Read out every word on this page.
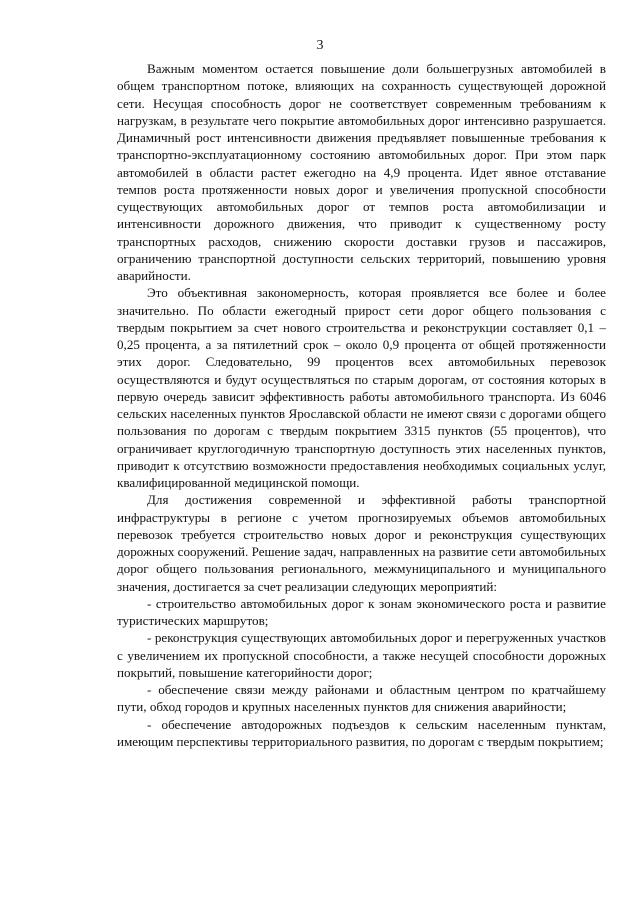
3

Важным моментом остается повышение доли большегрузных автомобилей в общем транспортном потоке, влияющих на сохранность существующей дорожной сети. Несущая способность дорог не соответствует современным требованиям к нагрузкам, в результате чего покрытие автомобильных дорог интенсивно разрушается. Динамичный рост интенсивности движения предъявляет повышенные требования к транспортно-эксплуатационному состоянию автомобильных дорог. При этом парк автомобилей в области растет ежегодно на 4,9 процента. Идет явное отставание темпов роста протяженности новых дорог и увеличения пропускной способности существующих автомобильных дорог от темпов роста автомобилизации и интенсивности дорожного движения, что приводит к существенному росту транспортных расходов, снижению скорости доставки грузов и пассажиров, ограничению транспортной доступности сельских территорий, повышению уровня аварийности.

Это объективная закономерность, которая проявляется все более и более значительно. По области ежегодный прирост сети дорог общего пользования с твердым покрытием за счет нового строительства и реконструкции составляет 0,1 – 0,25 процента, а за пятилетний срок – около 0,9 процента от общей протяженности этих дорог. Следовательно, 99 процентов всех автомобильных перевозок осуществляются и будут осуществляться по старым дорогам, от состояния которых в первую очередь зависит эффективность работы автомобильного транспорта. Из 6046 сельских населенных пунктов Ярославской области не имеют связи с дорогами общего пользования по дорогам с твердым покрытием 3315 пунктов (55 процентов), что ограничивает круглогодичную транспортную доступность этих населенных пунктов, приводит к отсутствию возможности предоставления необходимых социальных услуг, квалифицированной медицинской помощи.

Для достижения современной и эффективной работы транспортной инфраструктуры в регионе с учетом прогнозируемых объемов автомобильных перевозок требуется строительство новых дорог и реконструкция существующих дорожных сооружений. Решение задач, направленных на развитие сети автомобильных дорог общего пользования регионального, межмуниципального и муниципального значения, достигается за счет реализации следующих мероприятий:

- строительство автомобильных дорог к зонам экономического роста и развитие туристических маршрутов;

- реконструкция существующих автомобильных дорог и перегруженных участков с увеличением их пропускной способности, а также несущей способности дорожных покрытий, повышение категорийности дорог;

- обеспечение связи между районами и областным центром по кратчайшему пути, обход городов и крупных населенных пунктов для снижения аварийности;

- обеспечение автодорожных подъездов к сельским населенным пунктам, имеющим перспективы территориального развития, по дорогам с твердым покрытием;
